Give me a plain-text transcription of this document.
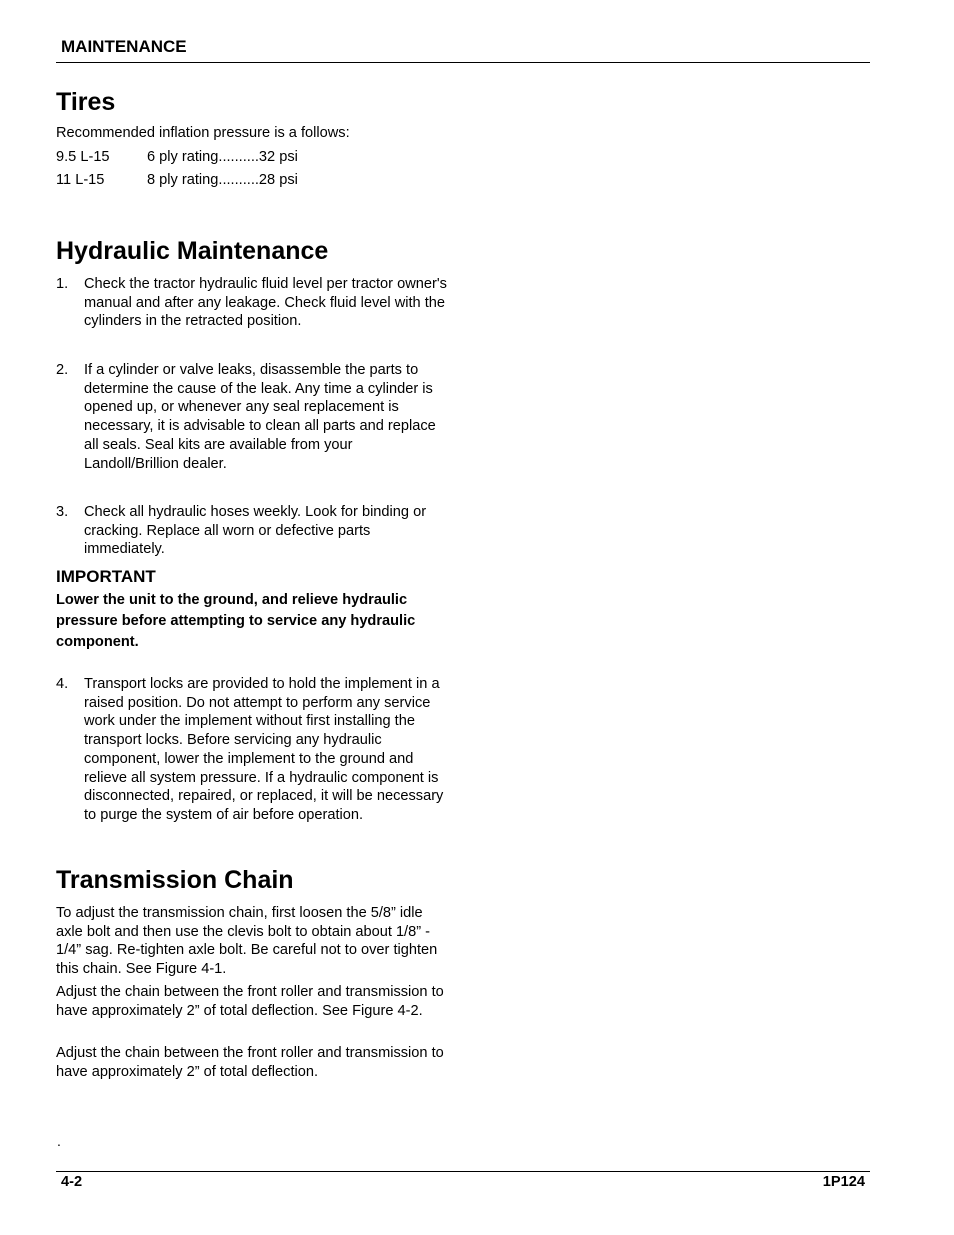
MAINTENANCE
Tires
Recommended inflation pressure is a follows:
9.5 L-15	6 ply rating..........32 psi
11 L-15	8 ply rating..........28 psi
Hydraulic Maintenance
1. Check the tractor hydraulic fluid level per tractor owner's manual and after any leakage. Check fluid level with the cylinders in the retracted position.
2. If a cylinder or valve leaks, disassemble the parts to determine the cause of the leak. Any time a cylinder is opened up, or whenever any seal replacement is necessary, it is advisable to clean all parts and replace all seals. Seal kits are available from your Landoll/Brillion dealer.
3. Check all hydraulic hoses weekly. Look for binding or cracking. Replace all worn or defective parts immediately.
IMPORTANT
Lower the unit to the ground, and relieve hydraulic pressure before attempting to service any hydraulic component.
4. Transport locks are provided to hold the implement in a raised position. Do not attempt to perform any service work under the implement without first installing the transport locks. Before servicing any hydraulic component, lower the implement to the ground and relieve all system pressure. If a hydraulic component is disconnected, repaired, or replaced, it will be necessary to purge the system of air before operation.
Transmission Chain
To adjust the transmission chain, first loosen the 5/8” idle axle bolt and then use the clevis bolt to obtain about 1/8” - 1/4” sag. Re-tighten axle bolt. Be careful not to over tighten this chain. See Figure 4-1.
Adjust the chain between the front roller and transmission to have approximately 2” of total deflection. See Figure 4-2.
Adjust the chain between the front roller and transmission to have approximately 2” of total deflection.
.
4-2	1P124
